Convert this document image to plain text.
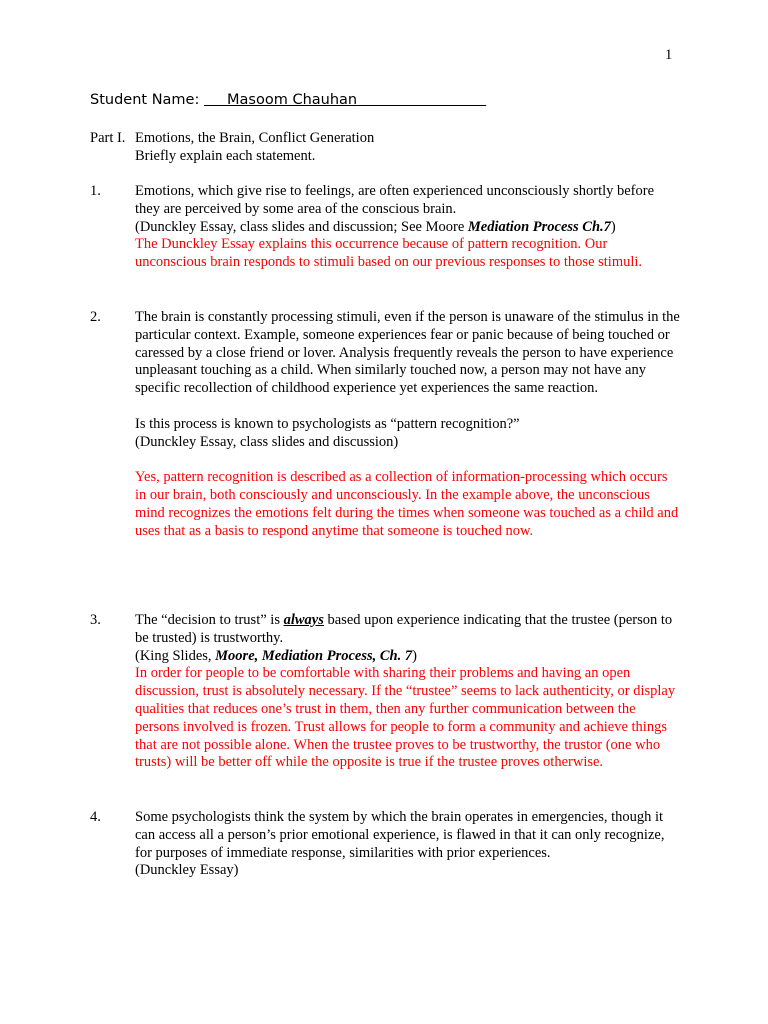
1
Student Name:      Masoom Chauhan
Part I. Emotions, the Brain, Conflict Generation
Briefly explain each statement.
1. Emotions, which give rise to feelings, are often experienced unconsciously shortly before they are perceived by some area of the conscious brain.

(Dunckley Essay, class slides and discussion; See Moore Mediation Process Ch.7)

The Dunckley Essay explains this occurrence because of pattern recognition. Our unconscious brain responds to stimuli based on our previous responses to those stimuli.

2. The brain is constantly processing stimuli, even if the person is unaware of the stimulus in the particular context. Example, someone experiences fear or panic because of being touched or caressed by a close friend or lover. Analysis frequently reveals the person to have experience unpleasant touching as a child. When similarly touched now, a person may not have any specific recollection of childhood experience yet experiences the same reaction.

Is this process is known to psychologists as “pattern recognition?”

(Dunckley Essay, class slides and discussion)

Yes, pattern recognition is described as a collection of information-processing which occurs in our brain, both consciously and unconsciously. In the example above, the unconscious mind recognizes the emotions felt during the times when someone was touched as a child and uses that as a basis to respond anytime that someone is touched now.

3. The “decision to trust” is always based upon experience indicating that the trustee (person to be trusted) is trustworthy.

(King Slides, Moore, Mediation Process, Ch. 7)

In order for people to be comfortable with sharing their problems and having an open discussion, trust is absolutely necessary. If the “trustee” seems to lack authenticity, or display qualities that reduces one’s trust in them, then any further communication between the persons involved is frozen. Trust allows for people to form a community and achieve things that are not possible alone. When the trustee proves to be trustworthy, the trustor (one who trusts) will be better off while the opposite is true if the trustee proves otherwise.

4. Some psychologists think the system by which the brain operates in emergencies, though it can access all a person’s prior emotional experience, is flawed in that it can only recognize, for purposes of immediate response, similarities with prior experiences.

(Dunckley Essay)
